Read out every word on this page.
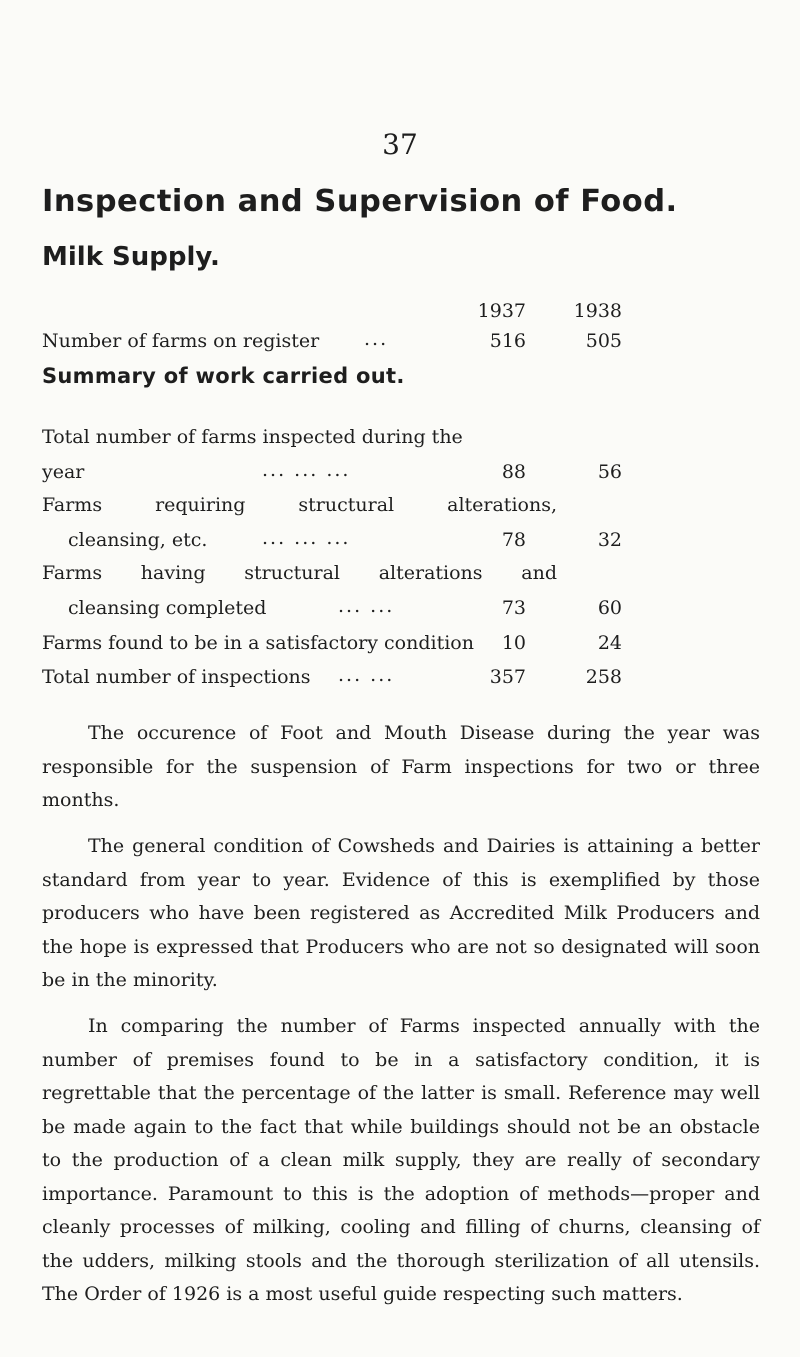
37
Inspection and Supervision of Food.
Milk Supply.
1937	1938
Number of farms on register ...	516	505
Summary of work carried out.
Total number of farms inspected during the
year	... ... ...	88	56
Farms requiring structural alterations,
cleansing, etc.	... ... ...	78	32
Farms having structural alterations and
cleansing completed	... ...	73	60
Farms found to be in a satisfactory condition	10	24
Total number of inspections ... ...	357	258

The occurence of Foot and Mouth Disease during the year was responsible for the suspension of Farm inspections for two or three months.

The general condition of Cowsheds and Dairies is attaining a better standard from year to year. Evidence of this is exemplified by those producers who have been registered as Accredited Milk Producers and the hope is expressed that Producers who are not so designated will soon be in the minority.

In comparing the number of Farms inspected annually with the number of premises found to be in a satisfactory condition, it is regrettable that the percentage of the latter is small. Reference may well be made again to the fact that while buildings should not be an obstacle to the production of a clean milk supply, they are really of secondary importance. Paramount to this is the adoption of methods—proper and cleanly processes of milking, cooling and filling of churns, cleansing of the udders, milking stools and the thorough sterilization of all utensils. The Order of 1926 is a most useful guide respecting such matters.
